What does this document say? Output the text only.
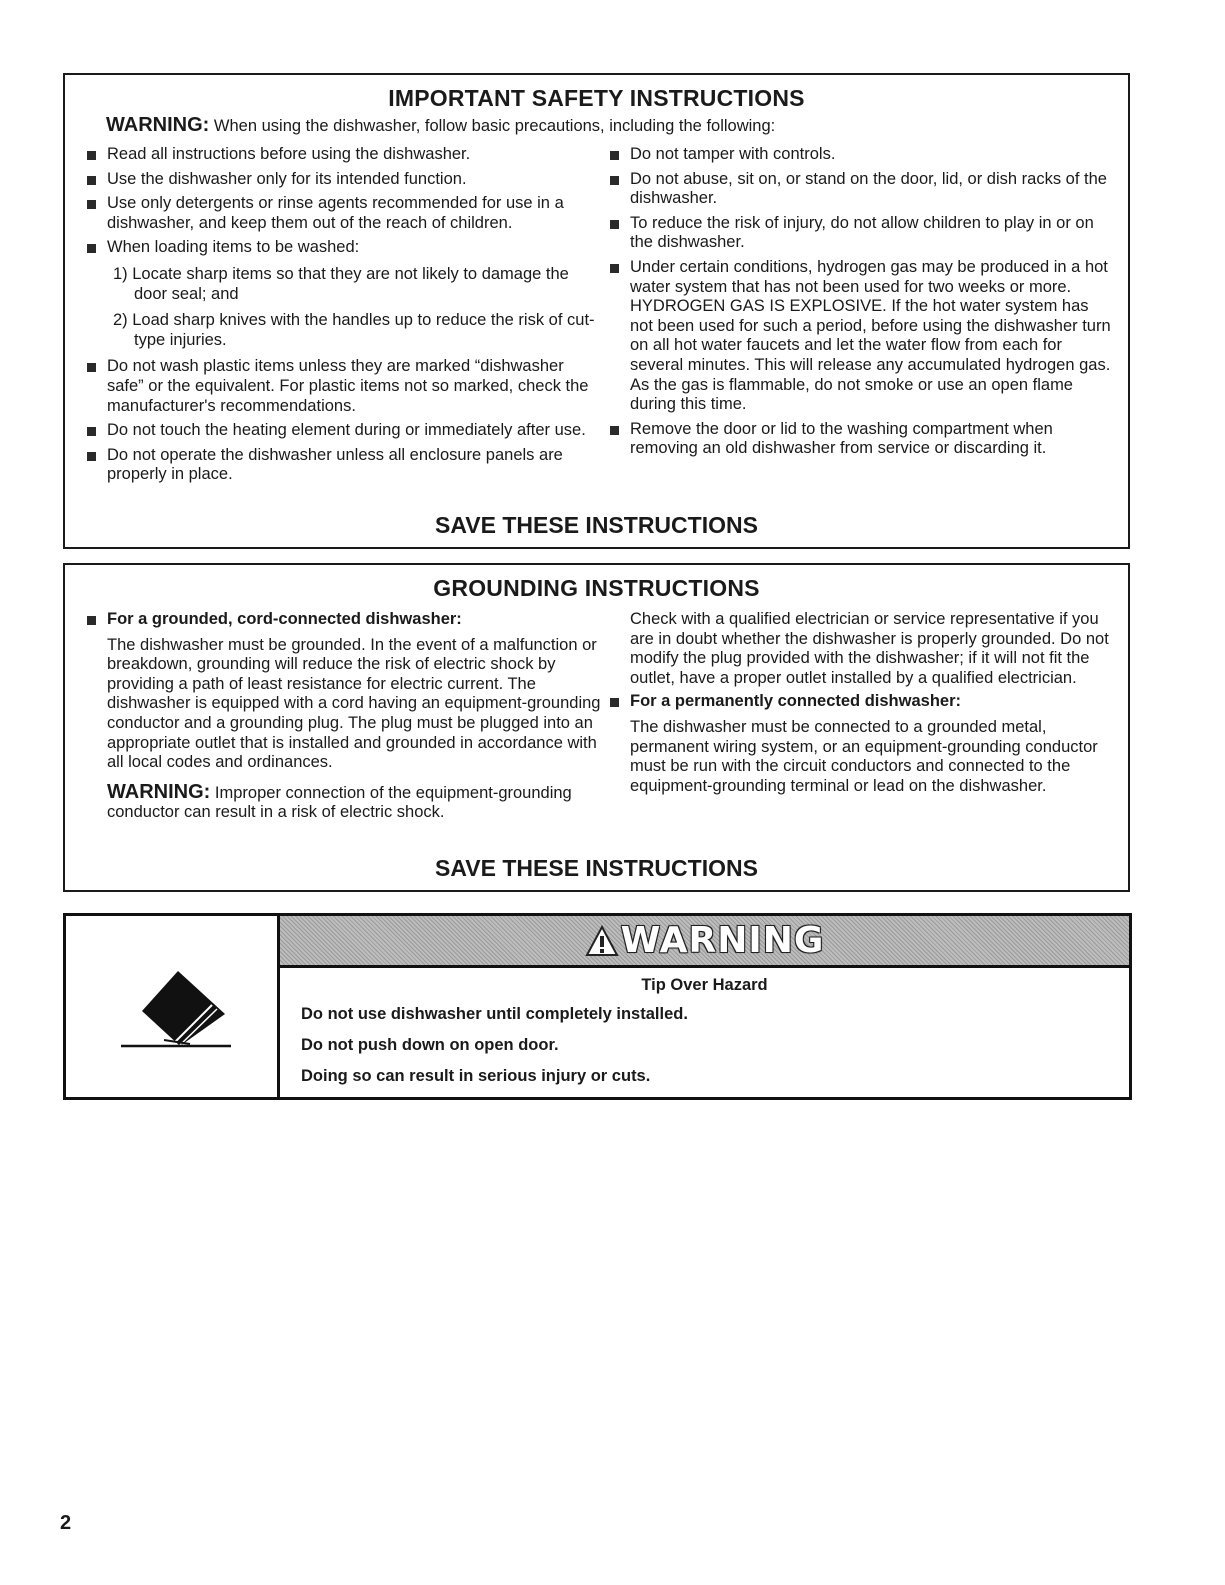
IMPORTANT SAFETY INSTRUCTIONS
WARNING: When using the dishwasher, follow basic precautions, including the following:
Read all instructions before using the dishwasher.
Use the dishwasher only for its intended function.
Use only detergents or rinse agents recommended for use in a dishwasher, and keep them out of the reach of children.
When loading items to be washed:
1) Locate sharp items so that they are not likely to damage the door seal; and
2) Load sharp knives with the handles up to reduce the risk of cut-type injuries.
Do not wash plastic items unless they are marked “dishwasher safe” or the equivalent. For plastic items not so marked, check the manufacturer's recommendations.
Do not touch the heating element during or immediately after use.
Do not operate the dishwasher unless all enclosure panels are properly in place.
Do not tamper with controls.
Do not abuse, sit on, or stand on the door, lid, or dish racks of the dishwasher.
To reduce the risk of injury, do not allow children to play in or on the dishwasher.
Under certain conditions, hydrogen gas may be produced in a hot water system that has not been used for two weeks or more. HYDROGEN GAS IS EXPLOSIVE. If the hot water system has not been used for such a period, before using the dishwasher turn on all hot water faucets and let the water flow from each for several minutes. This will release any accumulated hydrogen gas. As the gas is flammable, do not smoke or use an open flame during this time.
Remove the door or lid to the washing compartment when removing an old dishwasher from service or discarding it.
SAVE THESE INSTRUCTIONS
GROUNDING INSTRUCTIONS
For a grounded, cord-connected dishwasher:
The dishwasher must be grounded. In the event of a malfunction or breakdown, grounding will reduce the risk of electric shock by providing a path of least resistance for electric current. The dishwasher is equipped with a cord having an equipment-grounding conductor and a grounding plug. The plug must be plugged into an appropriate outlet that is installed and grounded in accordance with all local codes and ordinances.
WARNING: Improper connection of the equipment-grounding conductor can result in a risk of electric shock.
Check with a qualified electrician or service representative if you are in doubt whether the dishwasher is properly grounded. Do not modify the plug provided with the dishwasher; if it will not fit the outlet, have a proper outlet installed by a qualified electrician.
For a permanently connected dishwasher:
The dishwasher must be connected to a grounded metal, permanent wiring system, or an equipment-grounding conductor must be run with the circuit conductors and connected to the equipment-grounding terminal or lead on the dishwasher.
SAVE THESE INSTRUCTIONS
WARNING
Tip Over Hazard
Do not use dishwasher until completely installed.
Do not push down on open door.
Doing so can result in serious injury or cuts.
2
